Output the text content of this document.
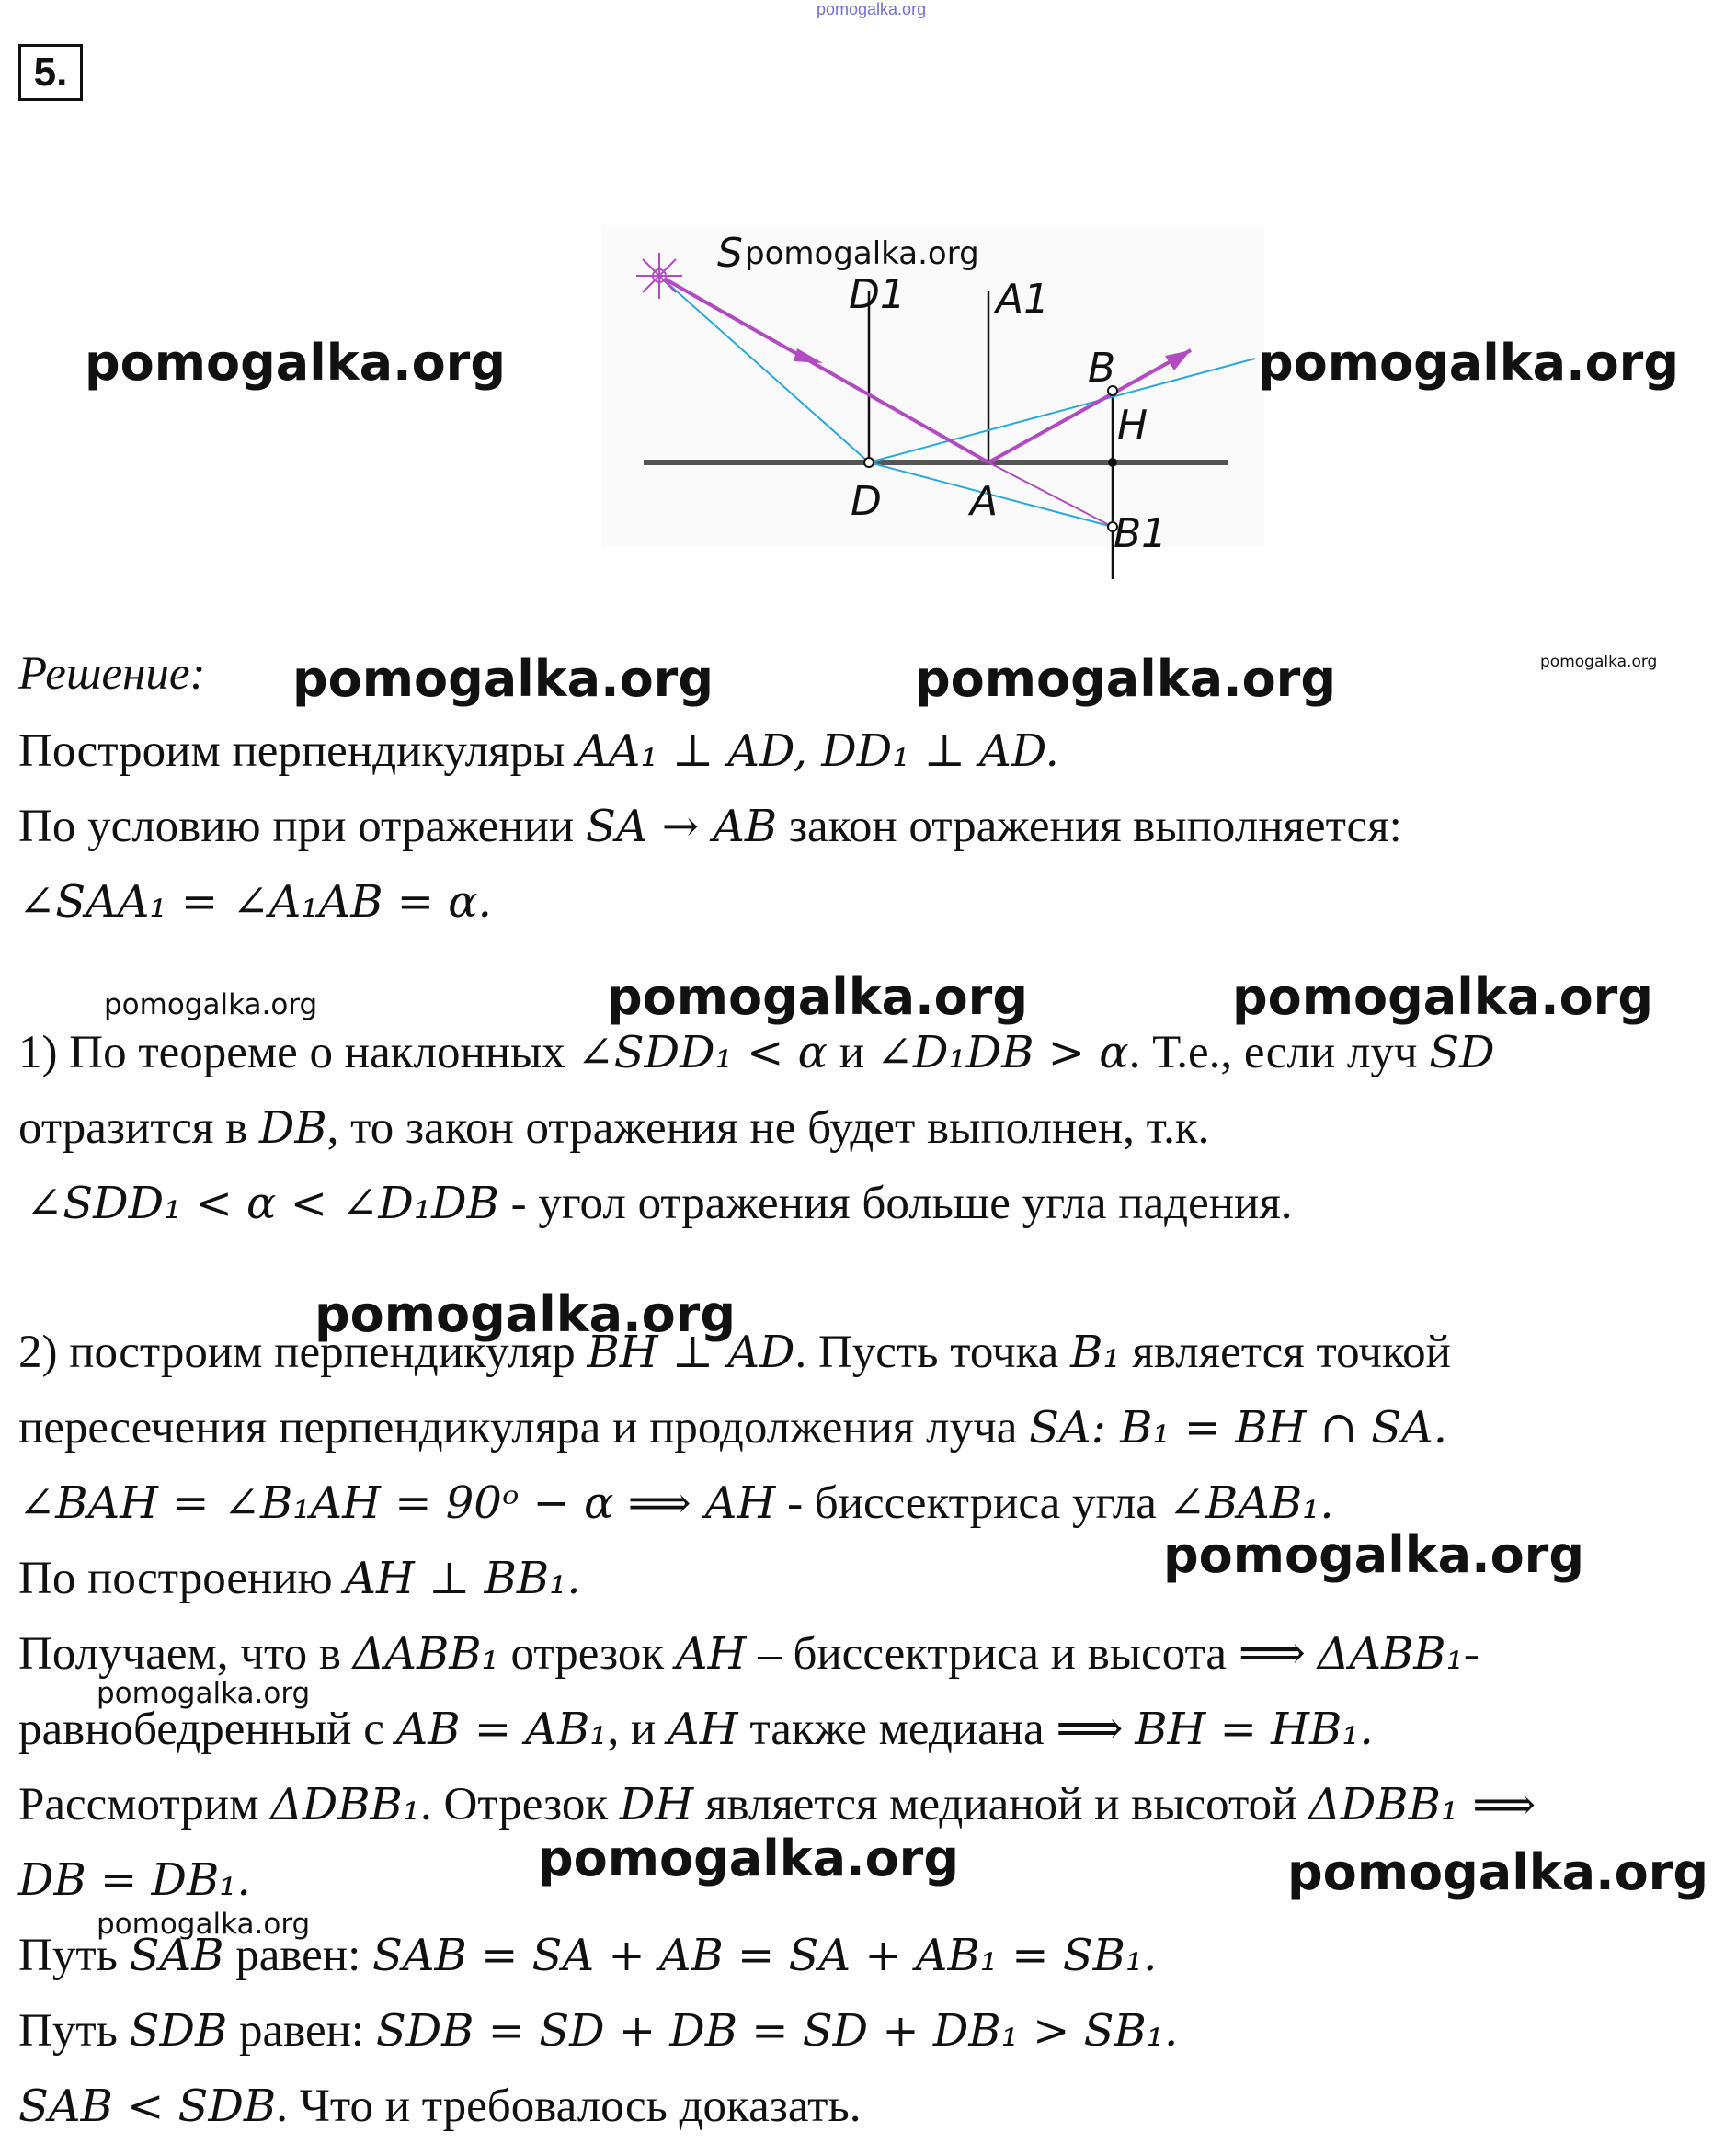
pomogalka.org
5.
S pomogalka.org
D1 A1
B
H
D A
B1
pomogalka.org	pomogalka.org
pomogalka.org	pomogalka.org	pomogalka.org
pomogalka.org	pomogalka.org	pomogalka.org
pomogalka.org
pomogalka.org
pomogalka.org
pomogalka.org	pomogalka.org
pomogalka.org
Решение:
Построим перпендикуляры AA₁ ⊥ AD, DD₁ ⊥ AD.
По условию при отражении SA → AB закон отражения выполняется:
∠SAA₁ = ∠A₁AB = α.
1) По теореме о наклонных ∠SDD₁ < α и ∠D₁DB > α. Т.е., если луч SD
отразится в DB, то закон отражения не будет выполнен, т.к.
∠SDD₁ < α < ∠D₁DB - угол отражения больше угла падения.
2) построим перпендикуляр BH ⊥ AD. Пусть точка B₁ является точкой
пересечения перпендикуляра и продолжения луча SA: B₁ = BH ∩ SA.
∠BAH = ∠B₁AH = 90ᵒ − α ⟹ AH - биссектриса угла ∠BAB₁.
По построению AH ⊥ BB₁.
Получаем, что в ΔABB₁ отрезок AH – биссектриса и высота ⟹ ΔABB₁-
равнобедренный с AB = AB₁, и AH также медиана ⟹ BH = HB₁.
Рассмотрим ΔDBB₁. Отрезок DH является медианой и высотой ΔDBB₁ ⟹
DB = DB₁.
Путь SAB равен: SAB = SA + AB = SA + AB₁ = SB₁.
Путь SDB равен: SDB = SD + DB = SD + DB₁ > SB₁.
SAB < SDB. Что и требовалось доказать.
